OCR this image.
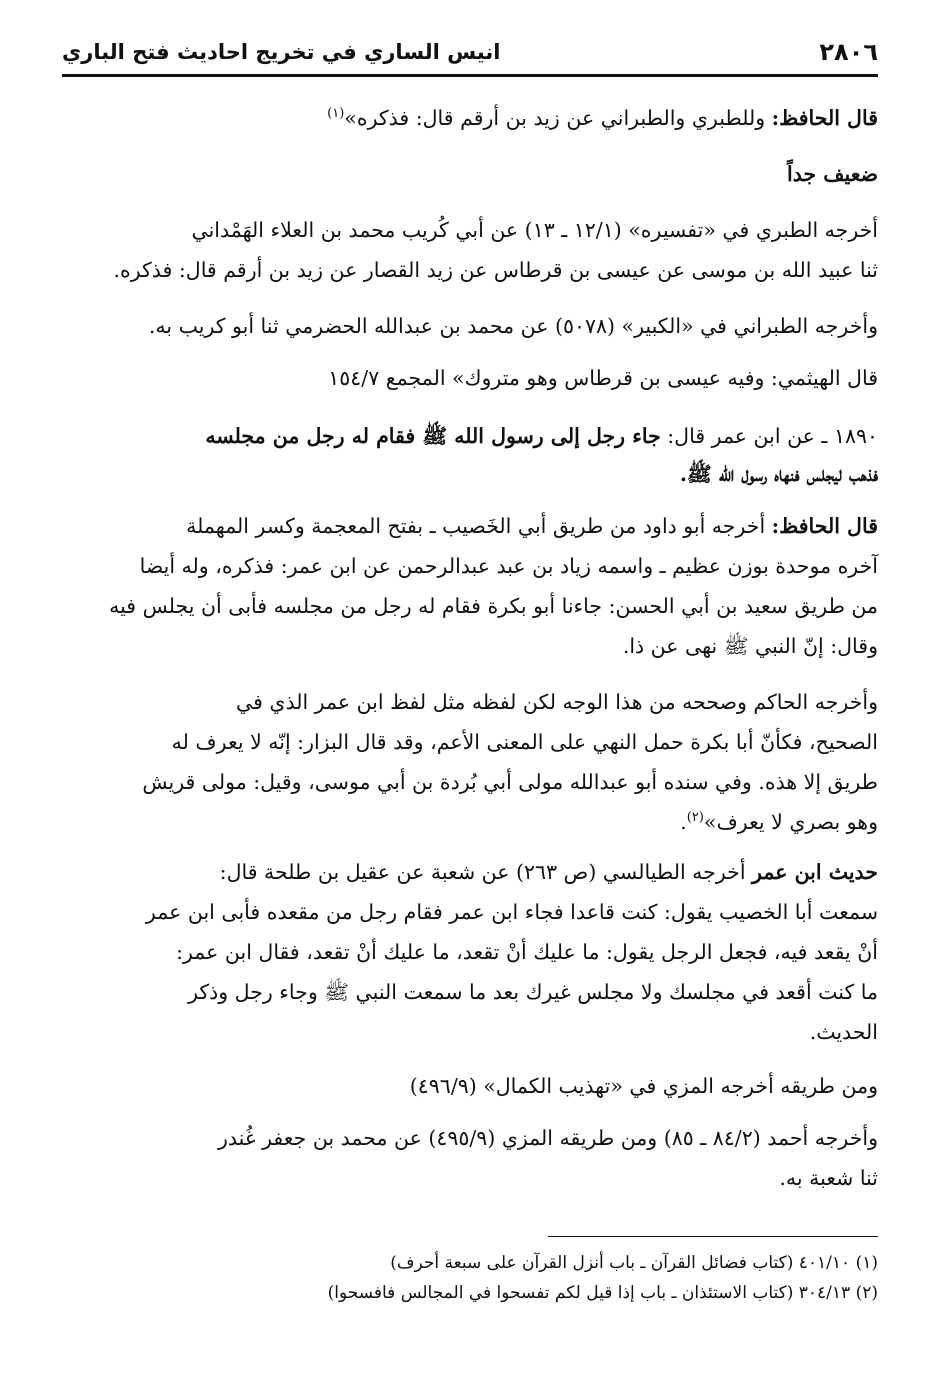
٢٨٠٦
انيس الساري في تخريج احاديث فتح الباري
قال الحافظ: وللطبري والطبراني عن زيد بن أرقم قال: فذكره»$^{(١)}$
ضعيف جداً
أخرجه الطبري في «تفسيره» (١٢/١ ـ ١٣) عن أبي كُريب محمد بن العلاء الهَمْداني
ثنا عبيد الله بن موسى عن عيسى بن قرطاس عن زيد القصار عن زيد بن أرقم قال: فذكره.
وأخرجه الطبراني في «الكبير» (٥٠٧٨) عن محمد بن عبدالله الحضرمي ثنا أبو كريب به.
قال الهيثمي: وفيه عيسى بن قرطاس وهو متروك» المجمع ١٥٤/٧
١٨٩٠ ـ عن ابن عمر قال: جاء رجل إلى رسول الله ﷺ فقام له رجل من مجلسه
فذهب ليجلس فنهاه رسول الله ﷺ.
قال الحافظ: أخرجه أبو داود من طريق أبي الخَصيب ـ بفتح المعجمة وكسر المهملة
آخره موحدة بوزن عظيم ـ واسمه زياد بن عبد عبدالرحمن عن ابن عمر: فذكره، وله أيضا
من طريق سعيد بن أبي الحسن: جاءنا أبو بكرة فقام له رجل من مجلسه فأبى أن يجلس فيه
وقال: إنّ النبي ﷺ نهى عن ذا.
وأخرجه الحاكم وصححه من هذا الوجه لكن لفظه مثل لفظ ابن عمر الذي في
الصحيح، فكأنّ أبا بكرة حمل النهي على المعنى الأعم، وقد قال البزار: إنّه لا يعرف له
طريق إلا هذه. وفي سنده أبو عبدالله مولى أبي بُردة بن أبي موسى، وقيل: مولى قريش
وهو بصري لا يعرف»$^{(٢)}$.
حديث ابن عمر أخرجه الطيالسي (ص ٢٦٣) عن شعبة عن عقيل بن طلحة قال:
سمعت أبا الخصيب يقول: كنت قاعدا فجاء ابن عمر فقام رجل من مقعده فأبى ابن عمر
أنْ يقعد فيه، فجعل الرجل يقول: ما عليك أنْ تقعد، ما عليك أنْ تقعد، فقال ابن عمر:
ما كنت أقعد في مجلسك ولا مجلس غيرك بعد ما سمعت النبي ﷺ وجاء رجل وذكر
الحديث.
ومن طريقه أخرجه المزي في «تهذيب الكمال» (٤٩٦/٩)
وأخرجه أحمد (٨٤/٢ ـ ٨٥) ومن طريقه المزي (٤٩٥/٩) عن محمد بن جعفر غُندر
ثنا شعبة به.
(١) ٤٠١/١٠ (كتاب فضائل القرآن ـ باب أنزل القرآن على سبعة أحرف)
(٢) ٣٠٤/١٣ (كتاب الاستئذان ـ باب إذا قيل لكم تفسحوا في المجالس فافسحوا)
